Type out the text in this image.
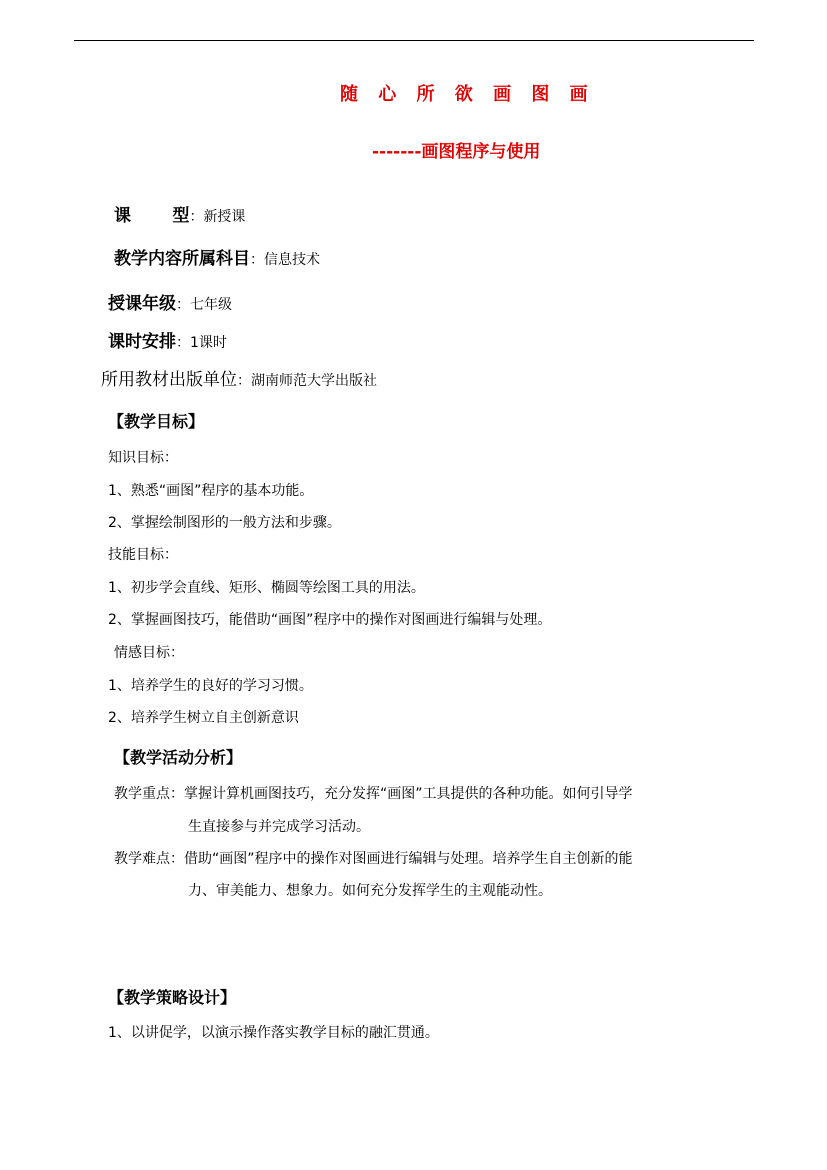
随 心 所 欲 画 图 画
-------画图程序与使用
课       型：新授课
教学内容所属科目：信息技术
授课年级：七年级
课时安排：1课时
所用教材出版单位：湖南师范大学出版社
【教学目标】
知识目标：
1、熟悉“画图”程序的基本功能。
2、掌握绘制图形的一般方法和步骤。
技能目标：
1、初步学会直线、矩形、椭圆等绘图工具的用法。
2、掌握画图技巧，能借助“画图”程序中的操作对图画进行编辑与处理。
情感目标：
1、培养学生的良好的学习习惯。
2、培养学生树立自主创新意识
【教学活动分析】
教学重点：掌握计算机画图技巧，充分发挥“画图”工具提供的各种功能。如何引导学
生直接参与并完成学习活动。
教学难点：借助“画图”程序中的操作对图画进行编辑与处理。培养学生自主创新的能
力、审美能力、想象力。如何充分发挥学生的主观能动性。
【教学策略设计】
1、以讲促学，以演示操作落实教学目标的融汇贯通。
